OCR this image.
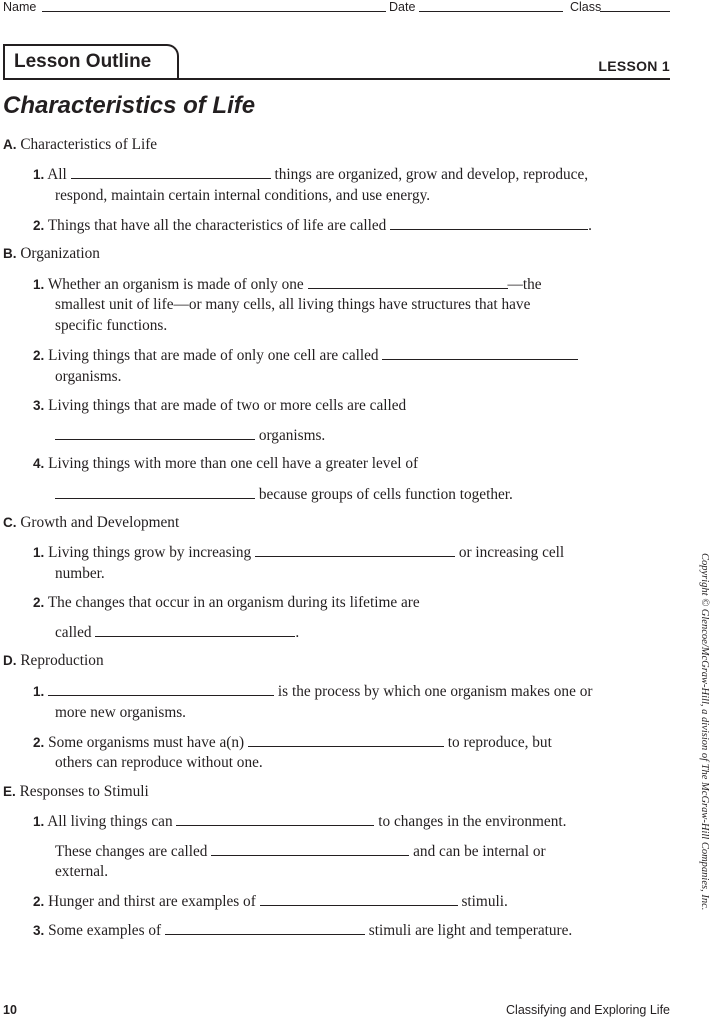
Name	Date	Class
Lesson Outline	LESSON 1
Characteristics of Life
A. Characteristics of Life
1. All	things are organized, grow and develop, reproduce,
respond, maintain certain internal conditions, and use energy.
2. Things that have all the characteristics of life are called	.
B. Organization
1. Whether an organism is made of only one	—the
smallest unit of life—or many cells, all living things have structures that have
specific functions.
2. Living things that are made of only one cell are called
organisms.
3. Living things that are made of two or more cells are called
organisms.
4. Living things with more than one cell have a greater level of
because groups of cells function together.
C. Growth and Development
1. Living things grow by increasing	or increasing cell
number.
2. The changes that occur in an organism during its lifetime are
called	.
D. Reproduction
1.	is the process by which one organism makes one or
more new organisms.
2. Some organisms must have a(n)	to reproduce, but
others can reproduce without one.
E. Responses to Stimuli
1. All living things can	to changes in the environment.
These changes are called	and can be internal or
external.
2. Hunger and thirst are examples of	stimuli.
3. Some examples of	stimuli are light and temperature.
Copyright © Glencoe/McGraw-Hill, a division of The McGraw-Hill Companies, Inc.
10	Classifying and Exploring Life
